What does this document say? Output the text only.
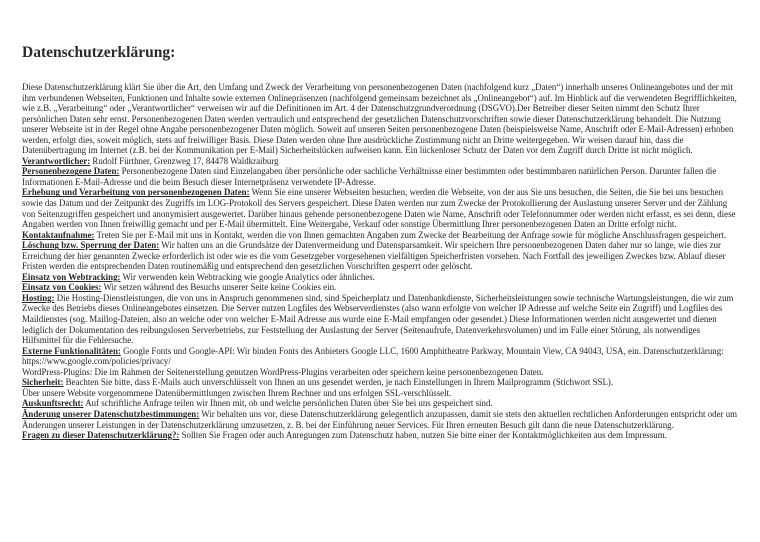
Datenschutzerklärung:

Diese Datenschutzerklärung klärt Sie über die Art, den Umfang und Zweck der Verarbeitung von personenbezogenen Daten (nachfolgend kurz „Daten“) innerhalb unseres Onlineangebotes und der mit ihm verbundenen Webseiten, Funktionen und Inhalte sowie externen Onlinepräsenzen (nachfolgend gemeinsam bezeichnet als „Onlineangebot“) auf. Im Hinblick auf die verwendeten Begrifflichkeiten, wie z.B. „Verarbeitung“ oder „Verantwortlicher“ verweisen wir auf die Definitionen im Art. 4 der Datenschutzgrundverordnung (DSGVO).Der Betreiber dieser Seiten nimmt den Schutz Ihrer persönlichen Daten sehr ernst. Personenbezogenen Daten werden vertraulich und entsprechend der gesetzlichen Datenschutzvorschriften sowie dieser Datenschutzerklärung behandelt. Die Nutzung unserer Webseite ist in der Regel ohne Angabe personenbezogener Daten möglich. Soweit auf unseren Seiten personenbezogene Daten (beispielsweise Name, Anschrift oder E-Mail-Adressen) erhoben werden, erfolgt dies, soweit möglich, stets auf freiwilliger Basis. Diese Daten werden ohne Ihre ausdrückliche Zustimmung nicht an Dritte weitergegeben. Wir weisen darauf hin, dass die Datenübertragung im Internet (z.B. bei der Kommunikation per E-Mail) Sicherheitslücken aufweisen kann. Ein lückenloser Schutz der Daten vor dem Zugriff durch Dritte ist nicht möglich.

Verantwortlicher: Rudolf Fürthner, Grenzweg 17, 84478 Waldkraiburg

Personenbezogene Daten: Personenbezogene Daten sind Einzelangaben über persönliche oder sachliche Verhältnisse einer bestimmten oder bestimmbaren natürlichen Person. Darunter fallen die Informationen E-Mail-Adresse und die beim Besuch dieser Internetpräsenz verwendete IP-Adresse.

Erhebung und Verarbeitung von personenbezogenen Daten: Wenn Sie eine unserer Webseiten besuchen, werden die Webseite, von der aus Sie uns besuchen, die Seiten, die Sie bei uns besuchen sowie das Datum und der Zeitpunkt des Zugriffs im LOG-Protokoll des Servers gespeichert. Diese Daten werden nur zum Zwecke der Protokollierung der Auslastung unserer Server und der Zählung von Seitenzugriffen gespeichert und anonymisiert ausgewertet. Darüber hinaus gehende personenbezogene Daten wie Name, Anschrift oder Telefonnummer oder werden nicht erfasst, es sei denn, diese Angaben werden von Ihnen freiwillig gemacht und per E-Mail übermittelt. Eine Weitergabe, Verkauf oder sonstige Übermittlung Ihrer personenbezogenen Daten an Dritte erfolgt nicht.

Kontaktaufnahme: Treten Sie per E-Mail mit uns in Kontakt, werden die von Ihnen gemachten Angaben zum Zwecke der Bearbeitung der Anfrage sowie für mögliche Anschlussfragen gespeichert.

Löschung bzw. Sperrung der Daten: Wir halten uns an die Grundsätze der Datenvermeidung und Datensparsamkeit. Wir speichern Ihre personenbezogenen Daten daher nur so lange, wie dies zur Erreichung der hier genannten Zwecke erforderlich ist oder wie es die vom Gesetzgeber vorgesehenen vielfältigen Speicherfristen vorsehen. Nach Fortfall des jeweiligen Zweckes bzw. Ablauf dieser Fristen werden die entsprechenden Daten routinemäßig und entsprechend den gesetzlichen Vorschriften gesperrt oder gelöscht.

Einsatz von Webtracking: Wir verwenden kein Webtracking wie google Analytics oder ähnliches.

Einsatz von Cookies: Wir setzen während des Besuchs unserer Seite keine Cookies ein.

Hosting: Die Hosting-Dienstleistungen, die von uns in Anspruch genommenen sind, sind Speicherplatz und Datenbankdienste, Sicherheitsleistungen sowie technische Wartungsleistungen, die wir zum Zwecke des Betriebs dieses Onlineangebotes einsetzen. Die Server nutzen Logfiles des Webserverdienstes (also wann erfolgte von welcher IP Adresse auf welche Seite ein Zugriff) und Logfiles des Maildienstes (sog. Maillog-Dateien, also an welche oder von welcher E-Mail Adresse aus wurde eine E-Mail empfangen oder gesendet.) Diese Informationen werden nicht ausgewertet und dienen lediglich der Dokumentation des reibungslosen Serverbetriebs, zur Feststellung der Auslastung der Server (Seitenaufrufe, Datenverkehrsvolumen) und im Falle einer Störung, als notwendiges Hilfsmittel für die Fehlersuche.

Externe Funktionalitäten: Google Fonts und Google-API: Wir binden Fonts des Anbieters Google LLC, 1600 Amphitheatre Parkway, Mountain View, CA 94043, USA, ein. Datenschutzerklärung: https://www.google.com/policies/privacy/

WordPress-Plugins: Die im Rahmen der Seitenerstellung genutzen WordPress-Plugins verarbeiten oder speichern keine personenbezogenen Daten.

Sicherheit: Beachten Sie bitte, dass E-Mails auch unverschlüsselt von Ihnen an uns gesendet werden, je nach Einstellungen in Ihrem Mailprogramm (Stichwort SSL).

Über unsere Website vorgenommene Datenübermittlungen zwischen Ihrem Rechner und uns erfolgen SSL-verschlüsselt.

Auskunftsrecht: Auf schriftliche Anfrage teilen wir Ihnen mit, ob und welche persönlichen Daten über Sie bei uns gespeichert sind.

Änderung unserer Datenschutzbestimmungen: Wir behalten uns vor, diese Datenschutzerklärung gelegentlich anzupassen, damit sie stets den aktuellen rechtlichen Anforderungen entspricht oder um Änderungen unserer Leistungen in der Datenschutzerklärung umzusetzen, z. B. bei der Einführung neuer Services. Für Ihren erneuten Besuch gilt dann die neue Datenschutzerklärung.

Fragen zu dieser Datenschutzerklärung?: Sollten Sie Fragen oder auch Anregungen zum Datenschutz haben, nutzen Sie bitte einer der Kontaktmöglichkeiten aus dem Impressum.
